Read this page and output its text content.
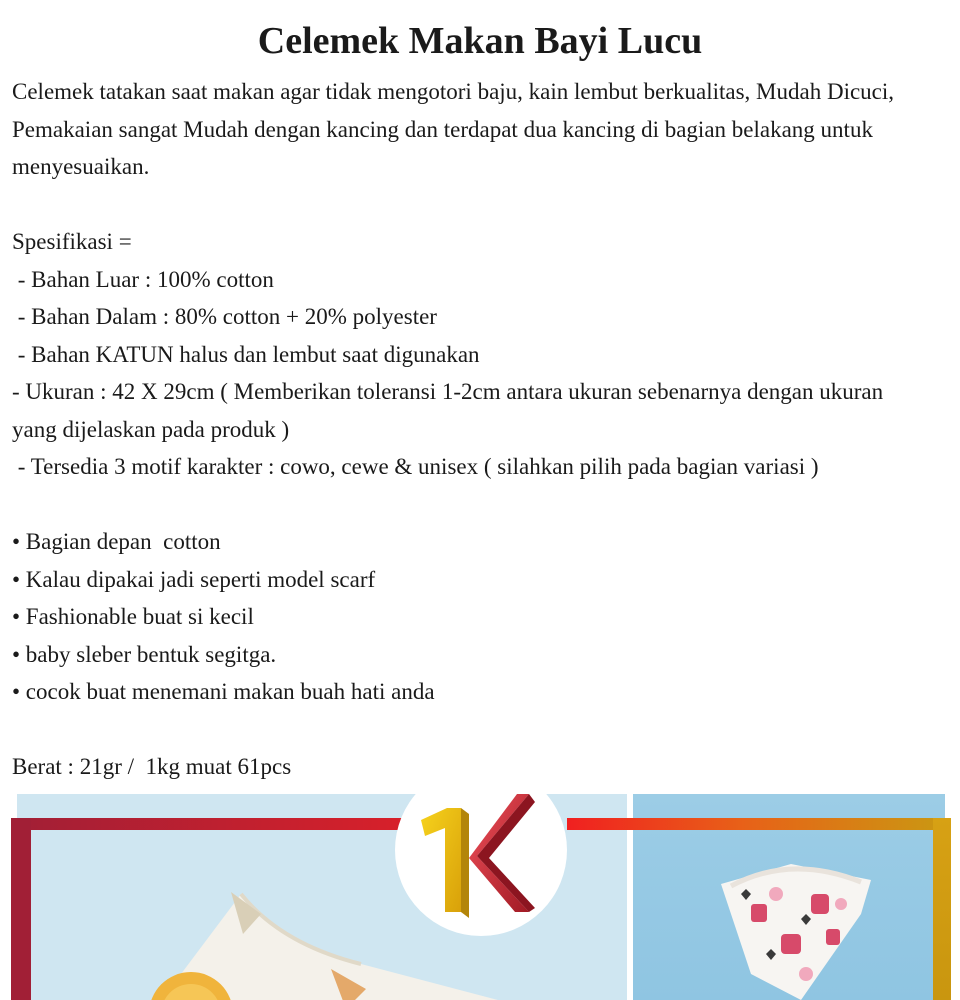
Celemek Makan Bayi Lucu
Celemek tatakan saat makan agar tidak mengotori baju, kain lembut berkualitas, Mudah Dicuci, Pemakaian sangat Mudah dengan kancing dan terdapat dua kancing di bagian belakang untuk menyesuaikan.
Spesifikasi =
- Bahan Luar : 100% cotton
- Bahan Dalam : 80% cotton + 20% polyester
- Bahan KATUN halus dan lembut saat digunakan
- Ukuran : 42 X 29cm ( Memberikan toleransi 1-2cm antara ukuran sebenarnya dengan ukuran yang dijelaskan pada produk )
- Tersedia 3 motif karakter : cowo, cewe & unisex ( silahkan pilih pada bagian variasi )
• Bagian depan  cotton
• Kalau dipakai jadi seperti model scarf
• Fashionable buat si kecil
• baby sleber bentuk segitga.
• cocok buat menemani makan buah hati anda
Berat : 21gr /  1kg muat 61pcs
